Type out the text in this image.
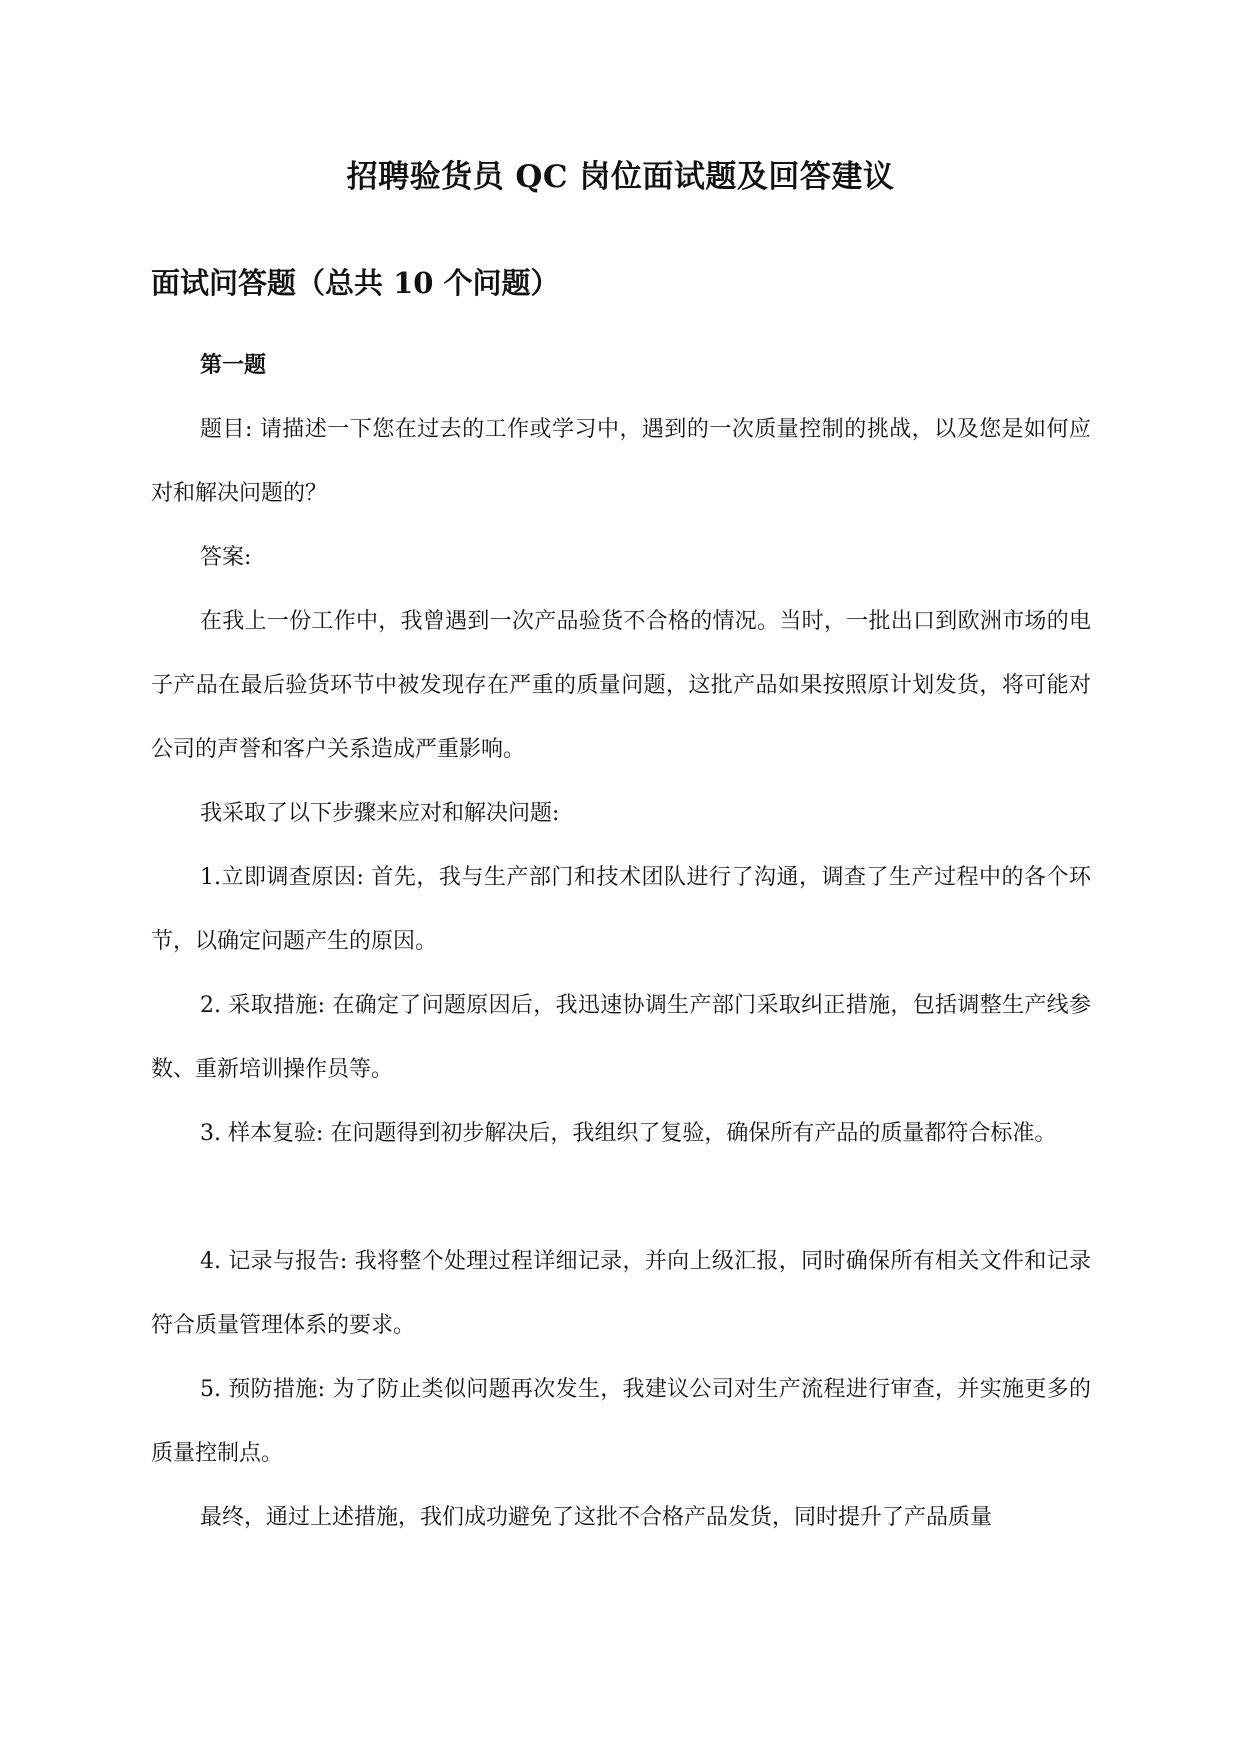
招聘验货员 QC 岗位面试题及回答建议
面试问答题（总共 10 个问题）
第一题

题目: 请描述一下您在过去的工作或学习中，遇到的一次质量控制的挑战，以及您是如何应对和解决问题的？

答案:

在我上一份工作中，我曾遇到一次产品验货不合格的情况。当时，一批出口到欧洲市场的电子产品在最后验货环节中被发现存在严重的质量问题，这批产品如果按照原计划发货，将可能对公司的声誉和客户关系造成严重影响。

我采取了以下步骤来应对和解决问题:

1.立即调查原因: 首先，我与生产部门和技术团队进行了沟通，调查了生产过程中的各个环节，以确定问题产生的原因。

2. 采取措施: 在确定了问题原因后，我迅速协调生产部门采取纠正措施，包括调整生产线参数、重新培训操作员等。

3. 样本复验: 在问题得到初步解决后，我组织了复验，确保所有产品的质量都符合标准。

4. 记录与报告: 我将整个处理过程详细记录，并向上级汇报，同时确保所有相关文件和记录符合质量管理体系的要求。

5. 预防措施: 为了防止类似问题再次发生，我建议公司对生产流程进行审查，并实施更多的质量控制点。

最终，通过上述措施，我们成功避免了这批不合格产品发货，同时提升了产品质量
